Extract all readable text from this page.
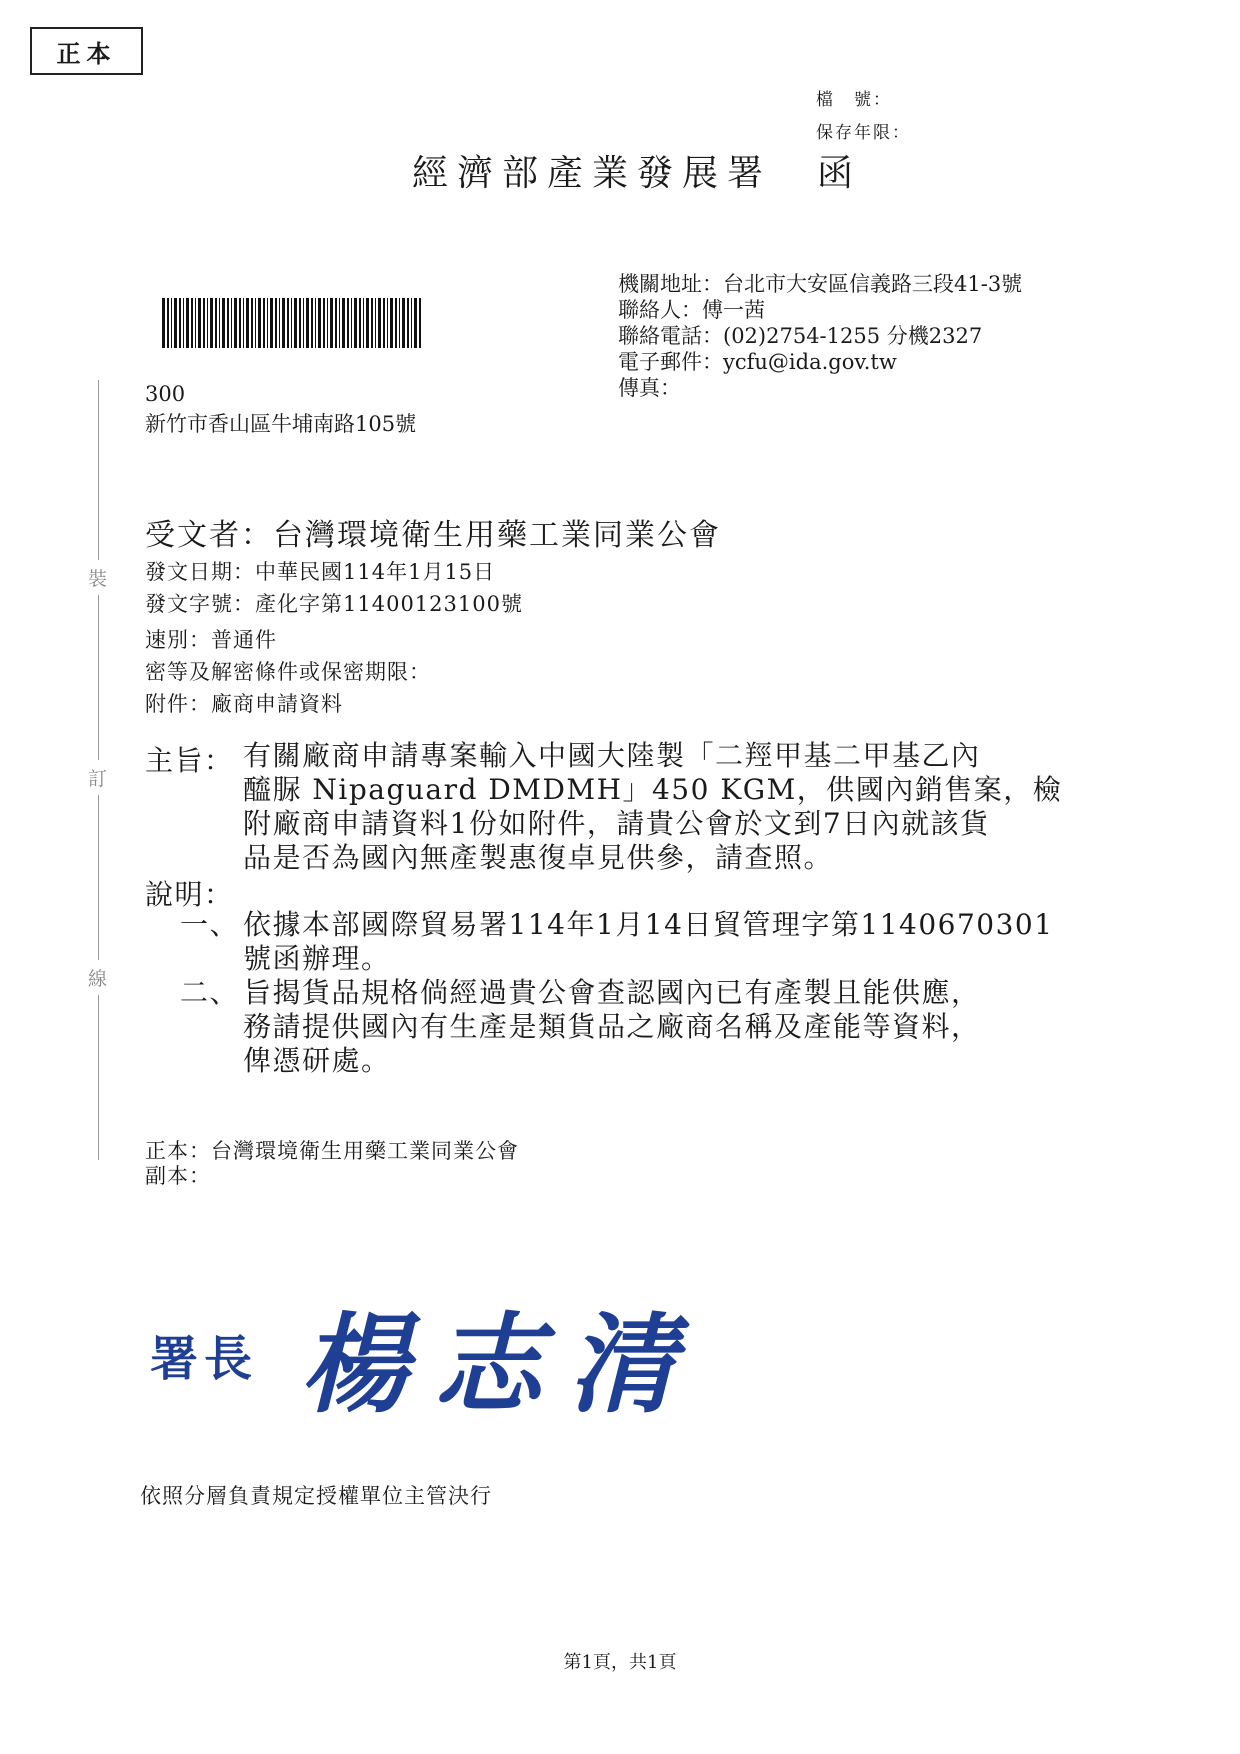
正本
檔　號：
保存年限：
經濟部產業發展署　函
機關地址：台北市大安區信義路三段41-3號
聯絡人：傅一茜
聯絡電話：(02)2754-1255 分機2327
電子郵件：ycfu@ida.gov.tw
傳真：
300
新竹市香山區牛埔南路105號
裝
訂
線
受文者：台灣環境衛生用藥工業同業公會
發文日期：中華民國114年1月15日
發文字號：產化字第11400123100號
速別：普通件
密等及解密條件或保密期限：
附件：廠商申請資料
主旨： 有關廠商申請專案輸入中國大陸製「二羥甲基二甲基乙內
醯脲 Nipaguard DMDMH」450 KGM，供國內銷售案，檢
附廠商申請資料1份如附件，請貴公會於文到7日內就該貨
品是否為國內無產製惠復卓見供參，請查照。
說明：
一、 依據本部國際貿易署114年1月14日貿管理字第1140670301
號函辦理。
二、 旨揭貨品規格倘經過貴公會查認國內已有產製且能供應，
務請提供國內有生產是類貨品之廠商名稱及產能等資料，
俾憑研處。
正本：台灣環境衛生用藥工業同業公會
副本：
署長 楊志清
依照分層負責規定授權單位主管決行
第1頁，共1頁
